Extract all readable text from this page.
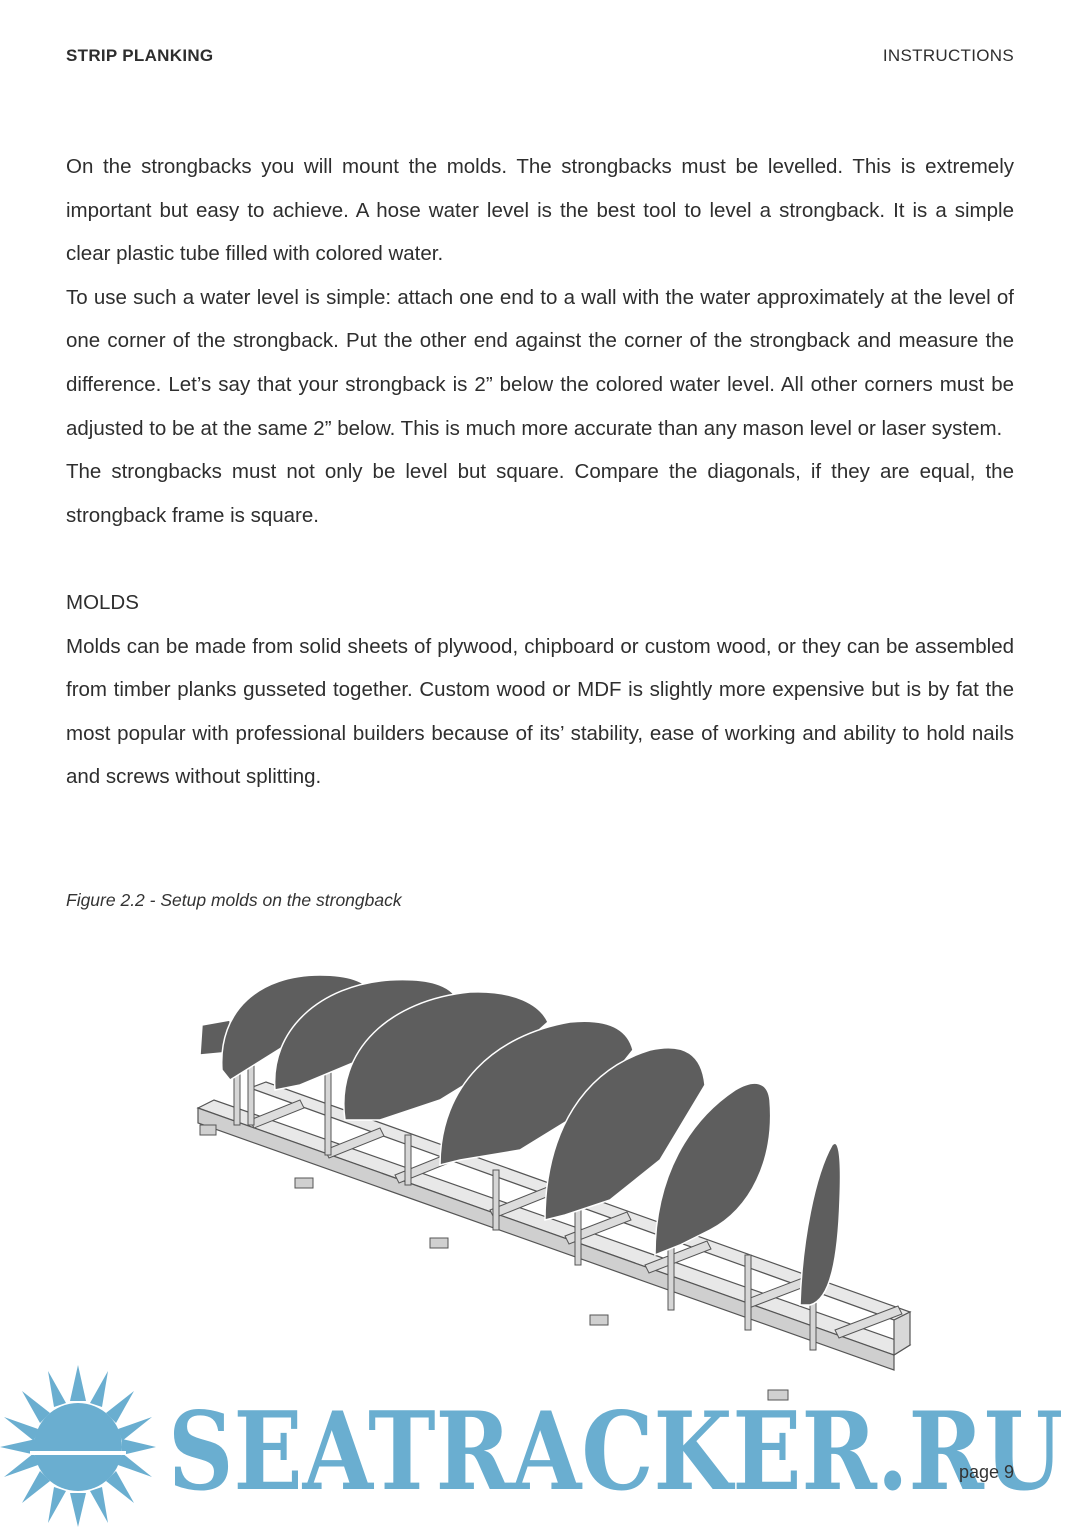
STRIP PLANKING	INSTRUCTIONS

On the strongbacks you will mount the molds. The strongbacks must be levelled. This is extremely important but easy to achieve. A hose water level is the best tool to level a strongback. It is a simple clear plastic tube filled with colored water.

To use such a water level is simple: attach one end to a wall with the water approximately at the level of one corner of the strongback. Put the other end against the corner of the strongback and measure the difference. Let’s say that your strongback is 2” below the colored water level. All other corners must be adjusted to be at the same 2” below. This is much more accurate than any mason level or laser system.

The strongbacks must not only be level but square. Compare the diagonals, if they are equal, the strongback frame is square.

MOLDS

Molds can be made from solid sheets of plywood, chipboard or custom wood, or they can be assembled from timber planks gusseted together. Custom wood or MDF is slightly more expensive but is by fat the most popular with professional builders because of its’ stability, ease of working and ability to hold nails and screws without splitting.

Figure 2.2 - Setup molds on the strongback
SEATRACKER.RU
page 9
